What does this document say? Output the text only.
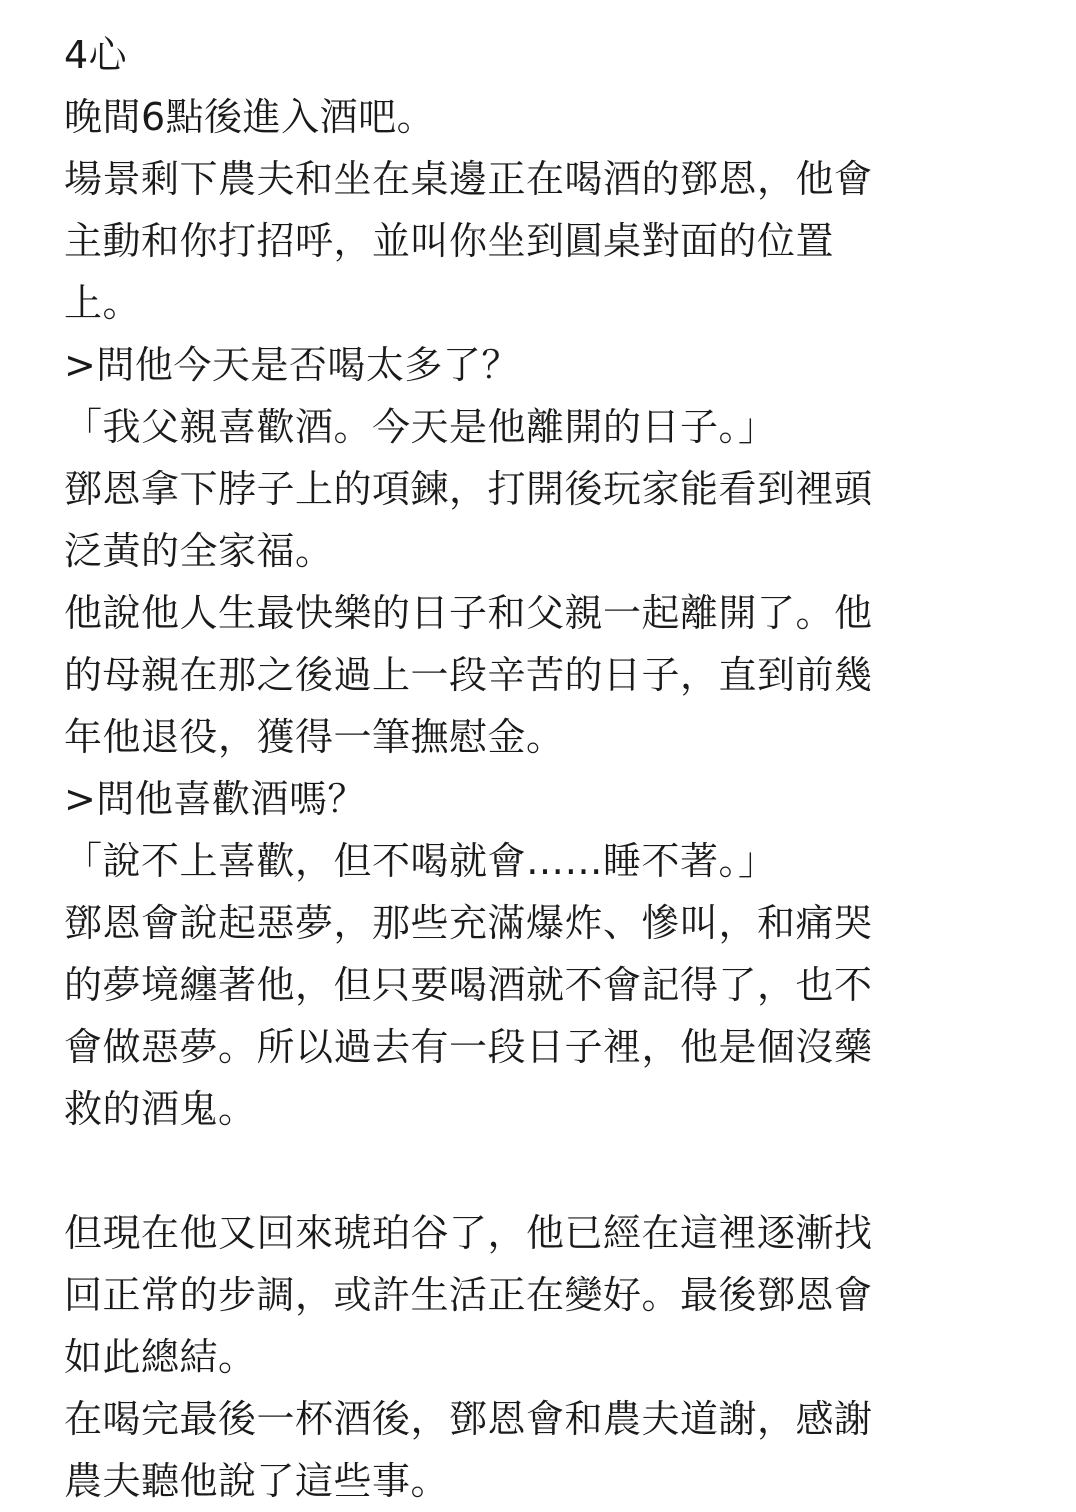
4心

晚間6點後進入酒吧。

場景剩下農夫和坐在桌邊正在喝酒的鄧恩，他會
主動和你打招呼，並叫你坐到圓桌對面的位置
上。

>問他今天是否喝太多了？

「我父親喜歡酒。今天是他離開的日子。」

鄧恩拿下脖子上的項鍊，打開後玩家能看到裡頭
泛黃的全家福。

他說他人生最快樂的日子和父親一起離開了。他
的母親在那之後過上一段辛苦的日子，直到前幾
年他退役，獲得一筆撫慰金。

>問他喜歡酒嗎？

「說不上喜歡，但不喝就會……睡不著。」

鄧恩會說起惡夢，那些充滿爆炸、慘叫，和痛哭
的夢境纏著他，但只要喝酒就不會記得了，也不
會做惡夢。所以過去有一段日子裡，他是個沒藥
救的酒鬼。

但現在他又回來琥珀谷了，他已經在這裡逐漸找
回正常的步調，或許生活正在變好。最後鄧恩會
如此總結。

在喝完最後一杯酒後，鄧恩會和農夫道謝，感謝
農夫聽他說了這些事。
